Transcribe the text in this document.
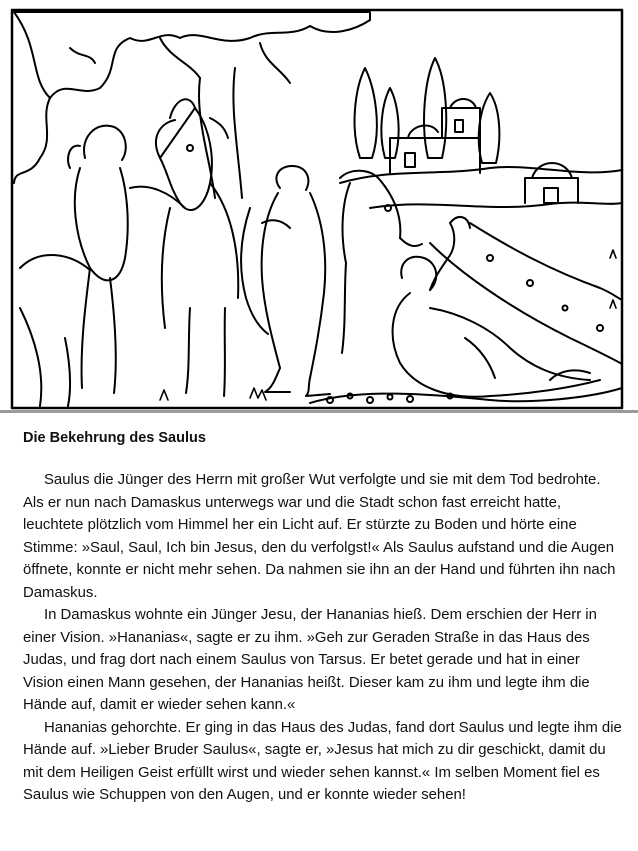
Die Bekehrung des Saulus

Saulus die Jünger des Herrn mit großer Wut verfolgte und sie mit dem Tod bedrohte. Als er nun nach Damaskus unterwegs war und die Stadt schon fast erreicht hatte, leuchtete plötzlich vom Himmel her ein Licht auf. Er stürzte zu Boden und hörte eine Stimme: »Saul, Saul, Ich bin Jesus, den du verfolgst!« Als Saulus aufstand und die Augen öffnete, konnte er nicht mehr sehen. Da nahmen sie ihn an der Hand und führten ihn nach Damaskus.

In Damaskus wohnte ein Jünger Jesu, der Hananias hieß. Dem erschien der Herr in einer Vision. »Hananias«, sagte er zu ihm. »Geh zur Geraden Straße in das Haus des Judas, und frag dort nach einem Saulus von Tarsus. Er betet gerade und hat in einer Vision einen Mann gesehen, der Hananias heißt. Dieser kam zu ihm und legte ihm die Hände auf, damit er wieder sehen kann.«

Hananias gehorchte. Er ging in das Haus des Judas, fand dort Saulus und legte ihm die Hände auf. »Lieber Bruder Saulus«, sagte er, »Jesus hat mich zu dir geschickt, damit du mit dem Heiligen Geist erfüllt wirst und wieder sehen kannst.« Im selben Moment fiel es Saulus wie Schuppen von den Augen, und er konnte wieder sehen!
